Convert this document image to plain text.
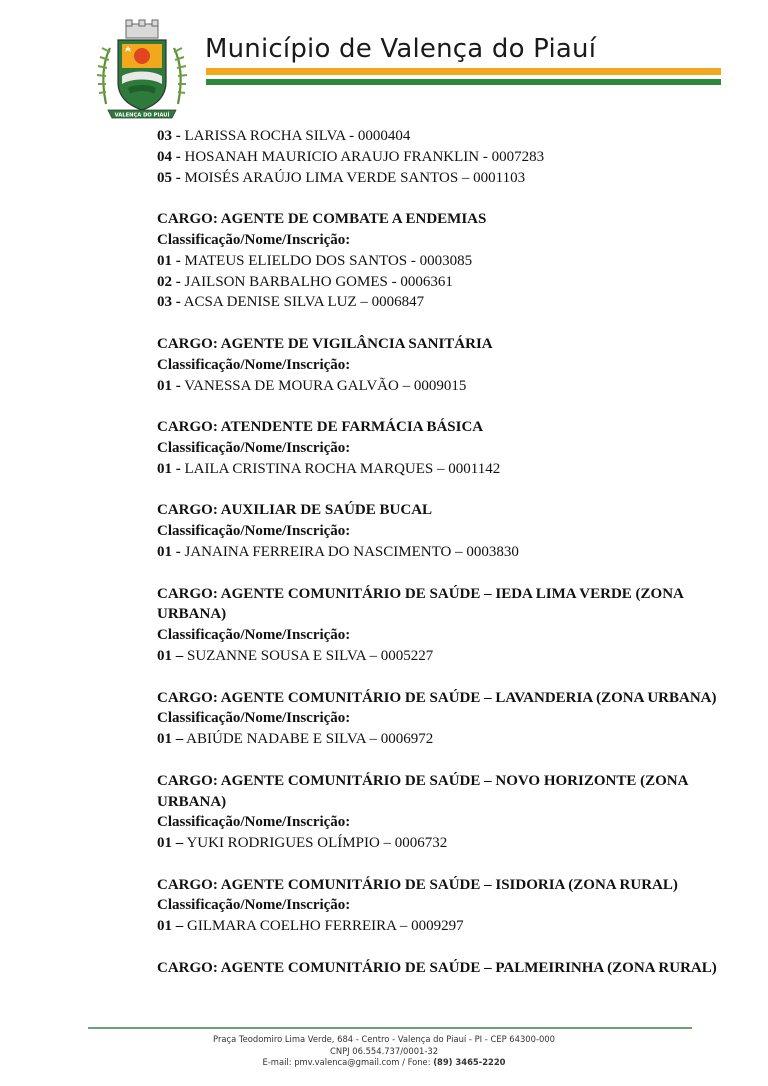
VALENÇA DO PIAUÍ
Município de Valença do Piauí
03 - LARISSA ROCHA SILVA - 0000404
04 - HOSANAH MAURICIO ARAUJO FRANKLIN - 0007283
05 - MOISÉS ARAÚJO LIMA VERDE SANTOS – 0001103
CARGO: AGENTE DE COMBATE A ENDEMIAS
Classificação/Nome/Inscrição:
01 - MATEUS ELIELDO DOS SANTOS - 0003085
02 - JAILSON BARBALHO GOMES - 0006361
03 - ACSA DENISE SILVA LUZ – 0006847
CARGO: AGENTE DE VIGILÂNCIA SANITÁRIA
Classificação/Nome/Inscrição:
01 - VANESSA DE MOURA GALVÃO – 0009015
CARGO: ATENDENTE DE FARMÁCIA BÁSICA
Classificação/Nome/Inscrição:
01 - LAILA CRISTINA ROCHA MARQUES – 0001142
CARGO: AUXILIAR DE SAÚDE BUCAL
Classificação/Nome/Inscrição:
01 - JANAINA FERREIRA DO NASCIMENTO – 0003830
CARGO: AGENTE COMUNITÁRIO DE SAÚDE – IEDA LIMA VERDE (ZONA URBANA)
Classificação/Nome/Inscrição:
01 – SUZANNE SOUSA E SILVA – 0005227
CARGO: AGENTE COMUNITÁRIO DE SAÚDE – LAVANDERIA (ZONA URBANA)
Classificação/Nome/Inscrição:
01 – ABIÚDE NADABE E SILVA – 0006972
CARGO: AGENTE COMUNITÁRIO DE SAÚDE – NOVO HORIZONTE (ZONA URBANA)
Classificação/Nome/Inscrição:
01 – YUKI RODRIGUES OLÍMPIO – 0006732
CARGO: AGENTE COMUNITÁRIO DE SAÚDE – ISIDORIA (ZONA RURAL)
Classificação/Nome/Inscrição:
01 – GILMARA COELHO FERREIRA – 0009297
CARGO: AGENTE COMUNITÁRIO DE SAÚDE – PALMEIRINHA (ZONA RURAL)
Praça Teodomiro Lima Verde, 684 - Centro - Valença do Piauí - PI - CEP 64300-000
CNPJ 06.554.737/0001-32
E-mail: pmv.valenca@gmail.com / Fone: (89) 3465-2220
